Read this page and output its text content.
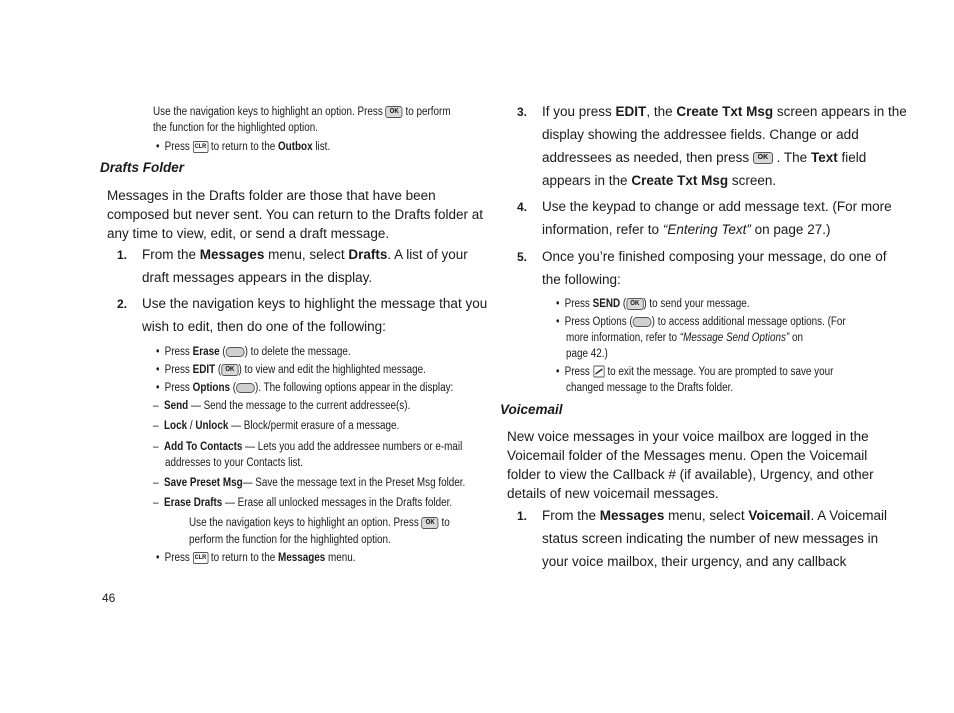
Use the navigation keys to highlight an option. Press OK to perform
the function for the highlighted option.
• Press CLR to return to the Outbox list.
Drafts Folder
Messages in the Drafts folder are those that have been
composed but never sent. You can return to the Drafts folder at
any time to view, edit, or send a draft message.
1. From the Messages menu, select Drafts. A list of your
draft messages appears in the display.
2. Use the navigation keys to highlight the message that you
wish to edit, then do one of the following:
• Press Erase ( ) to delete the message.
• Press EDIT ( OK ) to view and edit the highlighted message.
• Press Options ( ). The following options appear in the display:
– Send — Send the message to the current addressee(s).
– Lock / Unlock — Block/permit erasure of a message.
– Add To Contacts — Lets you add the addressee numbers or e-mail
addresses to your Contacts list.
– Save Preset Msg— Save the message text in the Preset Msg folder.
– Erase Drafts — Erase all unlocked messages in the Drafts folder.
Use the navigation keys to highlight an option. Press OK to
perform the function for the highlighted option.
• Press CLR to return to the Messages menu.
46
3. If you press EDIT, the Create Txt Msg screen appears in the
display showing the addressee fields. Change or add
addressees as needed, then press OK . The Text field
appears in the Create Txt Msg screen.
4. Use the keypad to change or add message text. (For more
information, refer to “Entering Text” on page 27.)
5. Once you’re finished composing your message, do one of
the following:
• Press SEND ( OK ) to send your message.
• Press Options ( ) to access additional message options. (For
more information, refer to “Message Send Options” on
page 42.)
• Press to exit the message. You are prompted to save your
changed message to the Drafts folder.
Voicemail
New voice messages in your voice mailbox are logged in the
Voicemail folder of the Messages menu. Open the Voicemail
folder to view the Callback # (if available), Urgency, and other
details of new voicemail messages.
1. From the Messages menu, select Voicemail. A Voicemail
status screen indicating the number of new messages in
your voice mailbox, their urgency, and any callback
